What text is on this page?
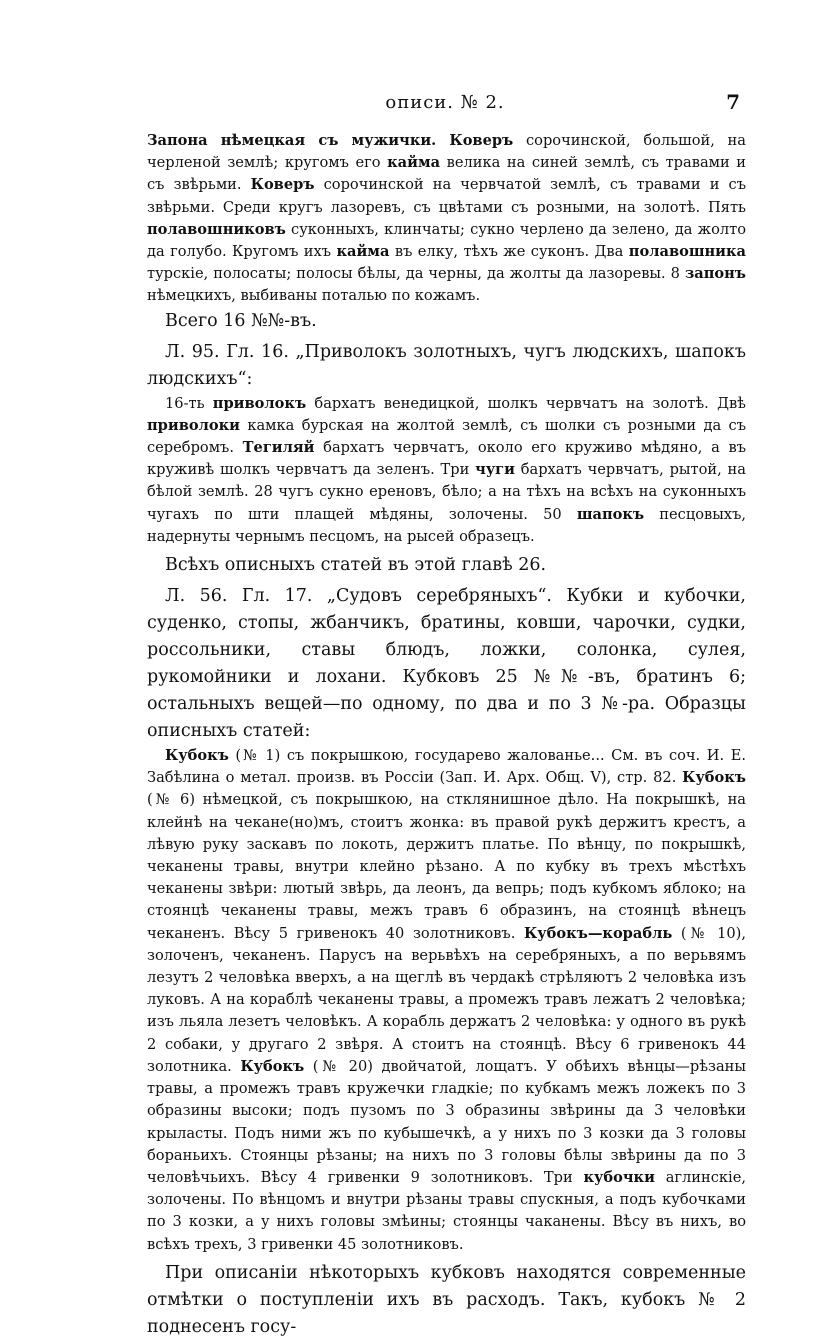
описи. № 2.	7

Запона нѣмецкая съ мужички. Коверъ сорочинской, большой, на черленой землѣ; кругомъ его кайма велика на синей землѣ, съ травами и съ звѣрьми. Коверъ сорочинской на червчатой землѣ, съ травами и съ звѣрьми. Среди кругъ лазоревъ, съ цвѣтами съ розными, на золотѣ. Пять полавошниковъ суконныхъ, клинчаты; сукно черлено да зелено, да жолто да голубо. Кругомъ ихъ кайма въ елку, тѣхъ же суконъ. Два полавошника турскіе, полосаты; полосы бѣлы, да черны, да жолты да лазоревы. 8 запонъ нѣмецкихъ, выбиваны поталью по кожамъ.

Всего 16 №№-въ.

Л. 95. Гл. 16. „Приволокъ золотныхъ, чугъ людскихъ, шапокъ людскихъ“:

16-ть приволокъ бархатъ венедицкой, шолкъ червчатъ на золотѣ. Двѣ приволоки камка бурская на жолтой землѣ, съ шолки съ розными да съ серебромъ. Тегиляй бархатъ червчатъ, около его круживо мѣдяно, а въ круживѣ шолкъ червчатъ да зеленъ. Три чуги бархатъ червчатъ, рытой, на бѣлой землѣ. 28 чугъ сукно ереновъ, бѣло; а на тѣхъ на всѣхъ на суконныхъ чугахъ по шти плащей мѣдяны, золочены. 50 шапокъ песцовыхъ, надернуты чернымъ песцомъ, на рысей образецъ.

Всѣхъ описныхъ статей въ этой главѣ 26.

Л. 56. Гл. 17. „Судовъ серебряныхъ“. Кубки и кубочки, суденко, стопы, жбанчикъ, братины, ковши, чарочки, судки, россольники, ставы блюдъ, ложки, солонка, сулея, рукомойники и лохани. Кубковъ 25 №№-въ, братинъ 6; остальныхъ вещей—по одному, по два и по 3 №-ра. Образцы описныхъ статей:

Кубокъ (№ 1) съ покрышкою, государево жалованье... См. въ соч. И. Е. Забѣлина о метал. произв. въ Россіи (Зап. И. Арх. Общ. V), стр. 82. Кубокъ (№ 6) нѣмецкой, съ покрышкою, на стклянишное дѣло. На покрышкѣ, на клейнѣ на чекане(но)мъ, стоитъ жонка: въ правой рукѣ держитъ крестъ, а лѣвую руку заскавъ по локоть, держитъ платье. По вѣнцу, по покрышкѣ, чеканены травы, внутри клейно рѣзано. А по кубку въ трехъ мѣстѣхъ чеканены звѣри: лютый звѣрь, да леонъ, да вепрь; подъ кубкомъ яблоко; на стоянцѣ чеканены травы, межъ травъ 6 образинъ, на стоянцѣ вѣнецъ чеканенъ. Вѣсу 5 гривенокъ 40 золотниковъ. Кубокъ—корабль (№ 10), золоченъ, чеканенъ. Парусъ на верьвѣхъ на серебряныхъ, а по верьвямъ лезутъ 2 человѣка вверхъ, а на щеглѣ въ чердакѣ стрѣляютъ 2 человѣка изъ луковъ. А на кораблѣ чеканены травы, а промежъ травъ лежатъ 2 человѣка; изъ льяла лезетъ человѣкъ. А корабль держатъ 2 человѣка: у одного въ рукѣ 2 собаки, у другаго 2 звѣря. А стоитъ на стоянцѣ. Вѣсу 6 гривенокъ 44 золотника. Кубокъ (№ 20) двойчатой, лощатъ. У обѣихъ вѣнцы—рѣзаны травы, а промежъ травъ кружечки гладкіе; по кубкамъ межъ ложекъ по 3 образины высоки; подъ пузомъ по 3 образины звѣрины да 3 человѣки крыласты. Подъ ними жъ по кубышечкѣ, а у нихъ по 3 козки да 3 головы бораньихъ. Стоянцы рѣзаны; на нихъ по 3 головы бѣлы звѣрины да по 3 человѣчьихъ. Вѣсу 4 гривенки 9 золотниковъ. Три кубочки аглинскіе, золочены. По вѣнцомъ и внутри рѣзаны травы спускныя, а подъ кубочками по 3 козки, а у нихъ головы змѣины; стоянцы чаканены. Вѣсу въ нихъ, во всѣхъ трехъ, 3 гривенки 45 золотниковъ.

При описаніи нѣкоторыхъ кубковъ находятся современные отмѣтки о поступленіи ихъ въ расходъ. Такъ, кубокъ № 2 поднесенъ госу-
